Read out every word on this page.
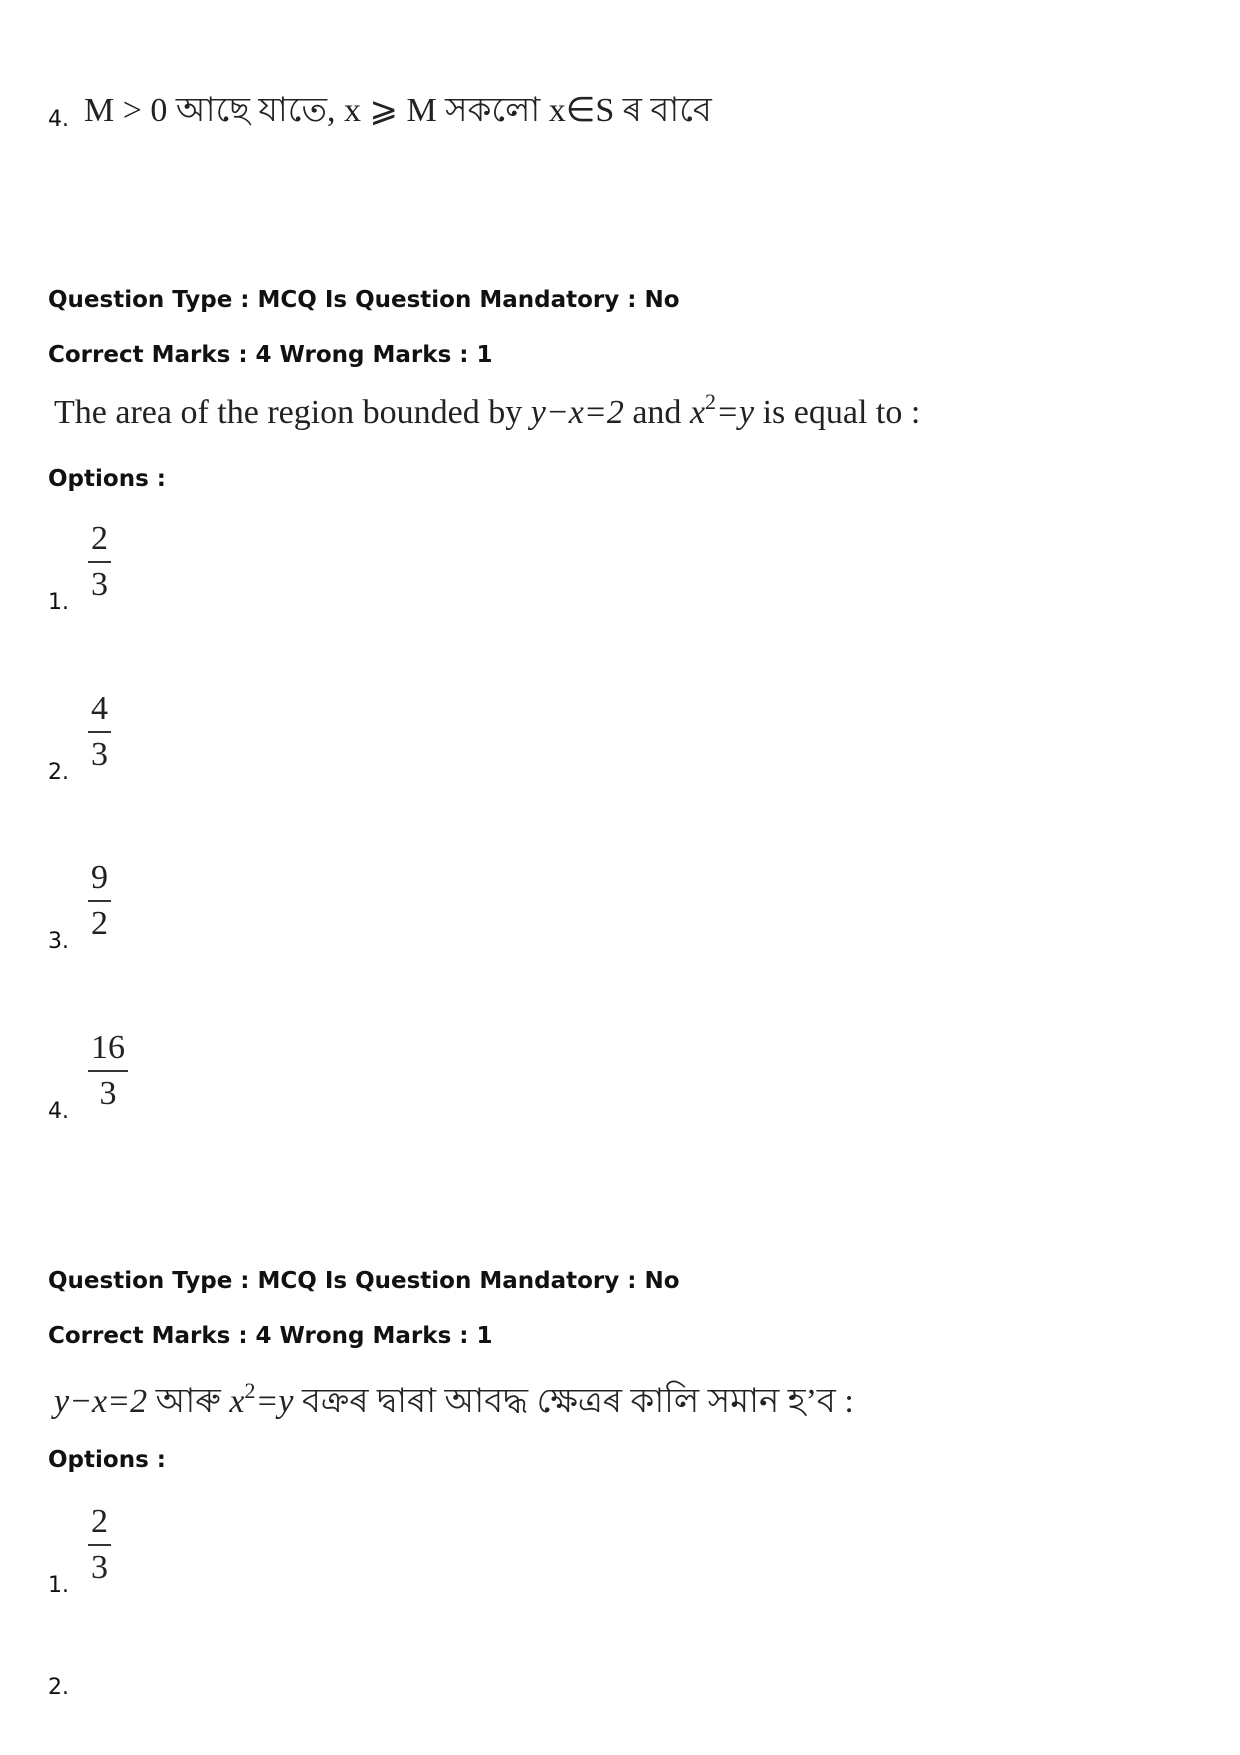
4. M > 0 আছে যাতে, x ⩾ M সকলো x∈S ৰ বাবে
Question Type : MCQ Is Question Mandatory : No
Correct Marks : 4 Wrong Marks : 1
The area of the region bounded by y−x=2 and $x^2=y$ is equal to :
Options :
1.
$\frac{2}{3}$
2.
$\frac{4}{3}$
3.
$\frac{9}{2}$
4.
$\frac{16}{3}$
Question Type : MCQ Is Question Mandatory : No
Correct Marks : 4 Wrong Marks : 1
y−x=2 আৰু $x^2=y$ বক্ৰৰ দ্বাৰা আবদ্ধ ক্ষেত্ৰৰ কালি সমান হ’ব :
Options :
1.
$\frac{2}{3}$
2.
